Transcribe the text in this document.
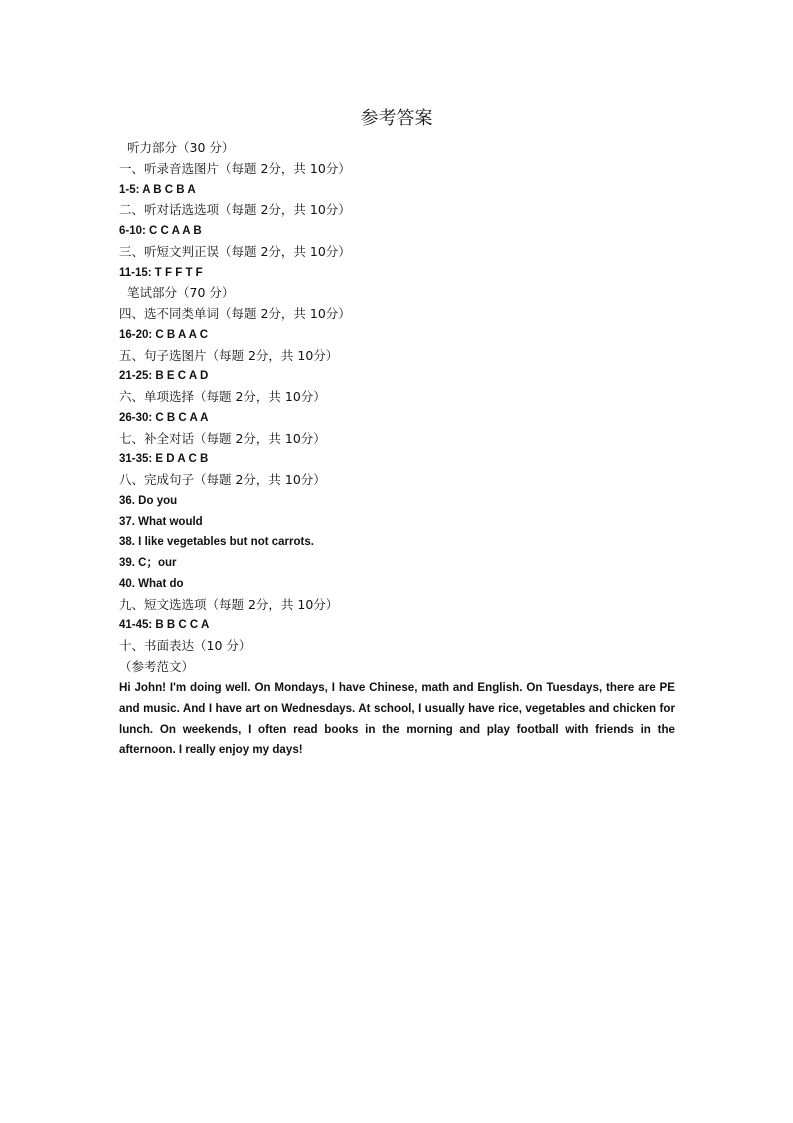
参考答案
听力部分（30 分）
一、听录音选图片（每题 2分，共 10分）
1-5: A B C B A
二、听对话选选项（每题 2分，共 10分）
6-10: C C A A B
三、听短文判正误（每题 2分，共 10分）
11-15: T F F T F
笔试部分（70 分）
四、选不同类单词（每题 2分，共 10分）
16-20: C B A A C
五、句子选图片（每题 2分，共 10分）
21-25: B E C A D
六、单项选择（每题 2分，共 10分）
26-30: C B C A A
七、补全对话（每题 2分，共 10分）
31-35: E D A C B
八、完成句子（每题 2分，共 10分）
36. Do you
37. What would
38. I like vegetables but not carrots.
39. C；our
40. What do
九、短文选选项（每题 2分，共 10分）
41-45: B B C C A
十、书面表达（10 分）
（参考范文）
Hi John! I'm doing well. On Mondays, I have Chinese, math and English. On Tuesdays, there are PE and music. And I have art on Wednesdays. At school, I usually have rice, vegetables and chicken for lunch. On weekends, I often read books in the morning and play football with friends in the afternoon. I really enjoy my days!
